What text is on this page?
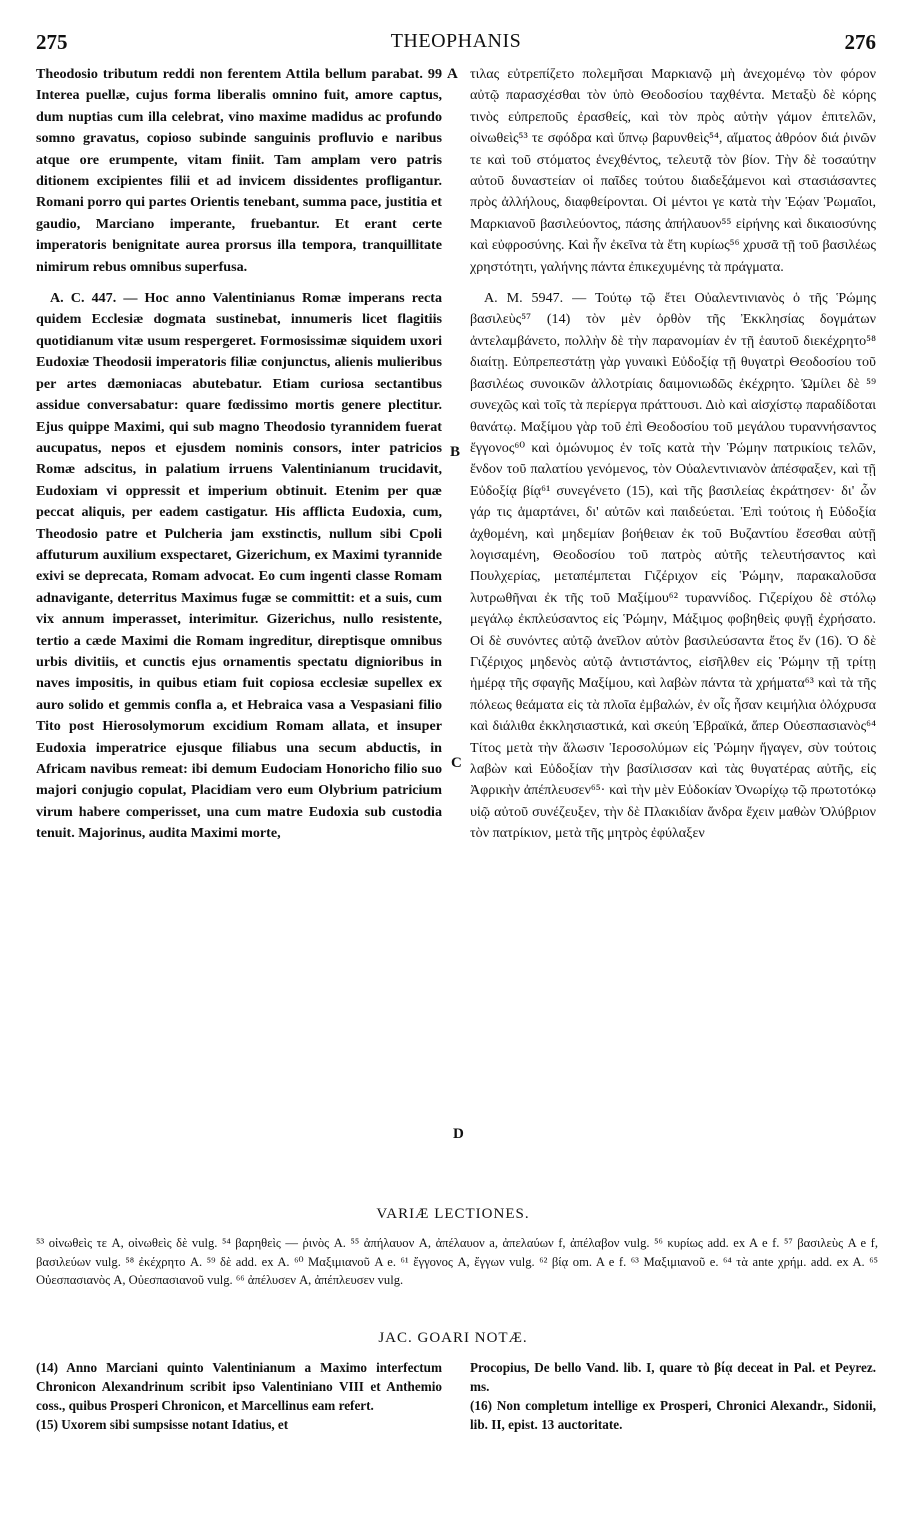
275	THEOPHANIS	276

Theodosio tributum reddi non ferentem Attila bellum parabat. 99 Interea puellæ, cujus forma liberalis omnino fuit, amore captus, dum nuptias cum illa celebrat, vino maxime madidus ac profundo somno gravatus, copioso subinde sanguinis profluvio e naribus atque ore erumpente, vitam finiit. Tam amplam vero patris ditionem excipientes filii et ad invicem dissidentes profligantur. Romani porro qui partes Orientis tenebant, summa pace, justitia et gaudio, Marciano imperante, fruebantur. Et erant certe imperatoris benignitate aurea prorsus illa tempora, tranquillitate nimirum rebus omnibus superfusa.

A. C. 447. — Hoc anno Valentinianus Romæ imperans recta quidem Ecclesiæ dogmata sustinebat, innumeris licet flagitiis quotidianum vitæ usum respergeret. Formosissimæ siquidem uxori Eudoxiæ Theodosii imperatoris filiæ conjunctus, alienis mulieribus per artes dæmoniacas abutebatur. Etiam curiosa sectantibus assidue conversabatur: quare fœdissimo mortis genere plectitur. Ejus quippe Maximi, qui sub magno Theodosio tyrannidem fuerat aucupatus, nepos et ejusdem nominis consors, inter patricios Romæ adscitus, in palatium irruens Valentinianum trucidavit, Eudoxiam vi oppressit et imperium obtinuit. Etenim per quæ peccat aliquis, per eadem castigatur. His afflicta Eudoxia, cum, Theodosio patre et Pulcheria jam exstinctis, nullum sibi Cpoli affuturum auxilium exspectaret, Gizerichum, ex Maximi tyrannide exivi se deprecata, Romam advocat. Eo cum ingenti classe Romam adnavigante, deterritus Maximus fugæ se committit: et a suis, cum vix annum imperasset, interimitur. Gizerichus, nullo resistente, tertio a cæde Maximi die Romam ingreditur, direptisque omnibus urbis divitiis, et cunctis ejus ornamentis spectatu dignioribus in naves impositis, in quibus etiam fuit copiosa ecclesiæ supellex ex auro solido et gemmis confla a, et Hebraica vasa a Vespasiani filio Tito post Hierosolymorum excidium Romam allata, et insuper Eudoxia imperatrice ejusque filiabus una secum abductis, in Africam navibus remeat: ibi demum Eudociam Honoricho filio suo majori conjugio copulat, Placidiam vero eum Olybrium patricium virum habere comperisset, una cum matre Eudoxia sub custodia tenuit. Majorinus, audita Maximi morte,

A
B
C
D

τιλας εὐτρεπίζετο πολεμῆσαι Μαρκιανῷ μὴ ἀνεχομένῳ τὸν φόρον αὐτῷ παρασχέσθαι τὸν ὑπὸ Θεοδοσίου ταχθέντα. Μεταξὺ δὲ κόρης τινὸς εὐπρεποῦς ἐρασθείς, καὶ τὸν πρὸς αὐτὴν γάμον ἐπιτελῶν, οἰνωθεὶς⁵³ τε σφόδρα καὶ ὕπνῳ βαρυνθεὶς⁵⁴, αἵματος ἀθρόον διά ῥινῶν τε καὶ τοῦ στόματος ἐνεχθέντος, τελευτᾷ τὸν βίον. Τὴν δὲ τοσαύτην αὐτοῦ δυναστείαν οἱ παῖδες τούτου διαδεξάμενοι καὶ στασιάσαντες πρὸς ἀλλήλους, διαφθείρονται. Οἱ μέντοι γε κατὰ τὴν Ἑῴαν Ῥωμαῖοι, Μαρκιανοῦ βασιλεύοντος, πάσης ἀπήλαυον⁵⁵ εἰρήνης καὶ δικαιοσύνης καὶ εὐφροσύνης. Καὶ ἦν ἐκεῖνα τὰ ἔτη κυρίως⁵⁶ χρυσᾶ τῇ τοῦ βασιλέως χρηστότητι, γαλήνης πάντα ἐπικεχυμένης τὰ πράγματα.

A. M. 5947. — Τούτῳ τῷ ἔτει Οὐαλεντινιανὸς ὁ τῆς Ῥώμης βασιλεὺς⁵⁷ (14) τὸν μὲν ὀρθὸν τῆς Ἐκκλησίας δογμάτων ἀντελαμβάνετο, πολλὴν δὲ τὴν παρανομίαν ἐν τῇ ἑαυτοῦ διεκέχρητο⁵⁸ διαίτῃ. Εὐπρεπεστάτῃ γὰρ γυναικὶ Εὐδοξίᾳ τῇ θυγατρὶ Θεοδοσίου τοῦ βασιλέως συνοικῶν ἀλλοτρίαις δαιμονιωδῶς ἐκέχρητο. Ὡμίλει δὲ ⁵⁹ συνεχῶς καὶ τοῖς τὰ περίεργα πράττουσι. Διὸ καὶ αἰσχίστῳ παραδίδοται θανάτῳ. Μαξίμου γὰρ τοῦ ἐπὶ Θεοδοσίου τοῦ μεγάλου τυραννήσαντος ἔγγονος⁶⁰ καὶ ὁμώνυμος ἐν τοῖς κατὰ τὴν Ῥώμην πατρικίοις τελῶν, ἔνδον τοῦ παλατίου γενόμενος, τὸν Οὐαλεντινιανὸν ἀπέσφαξεν, καὶ τῇ Εὐδοξίᾳ βίᾳ⁶¹ συνεγένετο (15), καὶ τῆς βασιλείας ἐκράτησεν· δι' ὧν γάρ τις ἁμαρτάνει, δι' αὐτῶν καὶ παιδεύεται. Ἐπὶ τούτοις ἡ Εὐδοξία ἀχθομένη, καὶ μηδεμίαν βοήθειαν ἐκ τοῦ Βυζαντίου ἔσεσθαι αὐτῇ λογισαμένη, Θεοδοσίου τοῦ πατρὸς αὐτῆς τελευτήσαντος καὶ Πουλχερίας, μεταπέμπεται Γιζέριχον εἰς Ῥώμην, παρακαλοῦσα λυτρωθῆναι ἐκ τῆς τοῦ Μαξίμου⁶² τυραννίδος. Γιζερίχου δὲ στόλῳ μεγάλῳ ἐκπλεύσαντος εἰς Ῥώμην, Μάξιμος φοβηθεὶς φυγῇ ἐχρήσατο. Οἱ δὲ συνόντες αὐτῷ ἀνεῖλον αὐτὸν βασιλεύσαντα ἔτος ἕν (16). Ὁ δὲ Γιζέριχος μηδενὸς αὐτῷ ἀντιστάντος, εἰσῆλθεν εἰς Ῥώμην τῇ τρίτῃ ἡμέρᾳ τῆς σφαγῆς Μαξίμου, καὶ λαβὼν πάντα τὰ χρήματα⁶³ καὶ τὰ τῆς πόλεως θεάματα εἰς τὰ πλοῖα ἐμβαλών, ἐν οἷς ἦσαν κειμήλια ὁλόχρυσα καὶ διάλιθα ἐκκλησιαστικά, καὶ σκεύη Ἑβραϊκά, ἅπερ Οὐεσπασιανὸς⁶⁴ Τίτος μετὰ τὴν ἅλωσιν Ἱεροσολύμων εἰς Ῥώμην ἤγαγεν, σὺν τούτοις λαβὼν καὶ Εὐδοξίαν τὴν βασίλισσαν καὶ τὰς θυγατέρας αὐτῆς, εἰς Ἀφρικὴν ἀπέπλευσεν⁶⁵· καὶ τὴν μὲν Εὐδοκίαν Ὀνωρίχῳ τῷ πρωτοτόκῳ υἱῷ αὐτοῦ συνέζευξεν, τὴν δὲ Πλακιδίαν ἄνδρα ἔχειν μαθὼν Ὀλύβριον τὸν πατρίκιον, μετὰ τῆς μητρὸς ἐφύλαξεν

VARIÆ LECTIONES.

⁵³ οἰνωθεὶς τε A, οἰνωθεὶς δὲ vulg. ⁵⁴ βαρηθεὶς — ῥινὸς A. ⁵⁵ ἀπήλαυον A, ἀπέλαυον a, ἀπελαύων f, ἀπέλαβον vulg. ⁵⁶ κυρίως add. ex A e f. ⁵⁷ βασιλεὺς A e f, βασιλεύων vulg. ⁵⁸ ἐκέχρητο A. ⁵⁹ δὲ add. ex A. ⁶⁰ Μαξιμιανοῦ A e. ⁶¹ ἔγγονος A, ἔγγων vulg. ⁶² βίᾳ om. A e f. ⁶³ Μαξιμιανοῦ e. ⁶⁴ τὰ ante χρήμ. add. ex A. ⁶⁵ Οὐεσπασιανὸς A, Οὐεσπασιανοῦ vulg. ⁶⁶ ἀπέλυσεν A, ἀπέπλευσεν vulg.

JAC. GOARI NOTÆ.

(14) Anno Marciani quinto Valentinianum a Maximo interfectum Chronicon Alexandrinum scribit ipso Valentiniano VIII et Anthemio coss., quibus Prosperi Chronicon, et Marcellinus eam refert.

(15) Uxorem sibi sumpsisse notant Idatius, et

Procopius, De bello Vand. lib. I, quare τὸ βίᾳ deceat in Pal. et Peyrez. ms.

(16) Non completum intellige ex Prosperi, Chronici Alexandr., Sidonii, lib. II, epist. 13 auctoritate.
